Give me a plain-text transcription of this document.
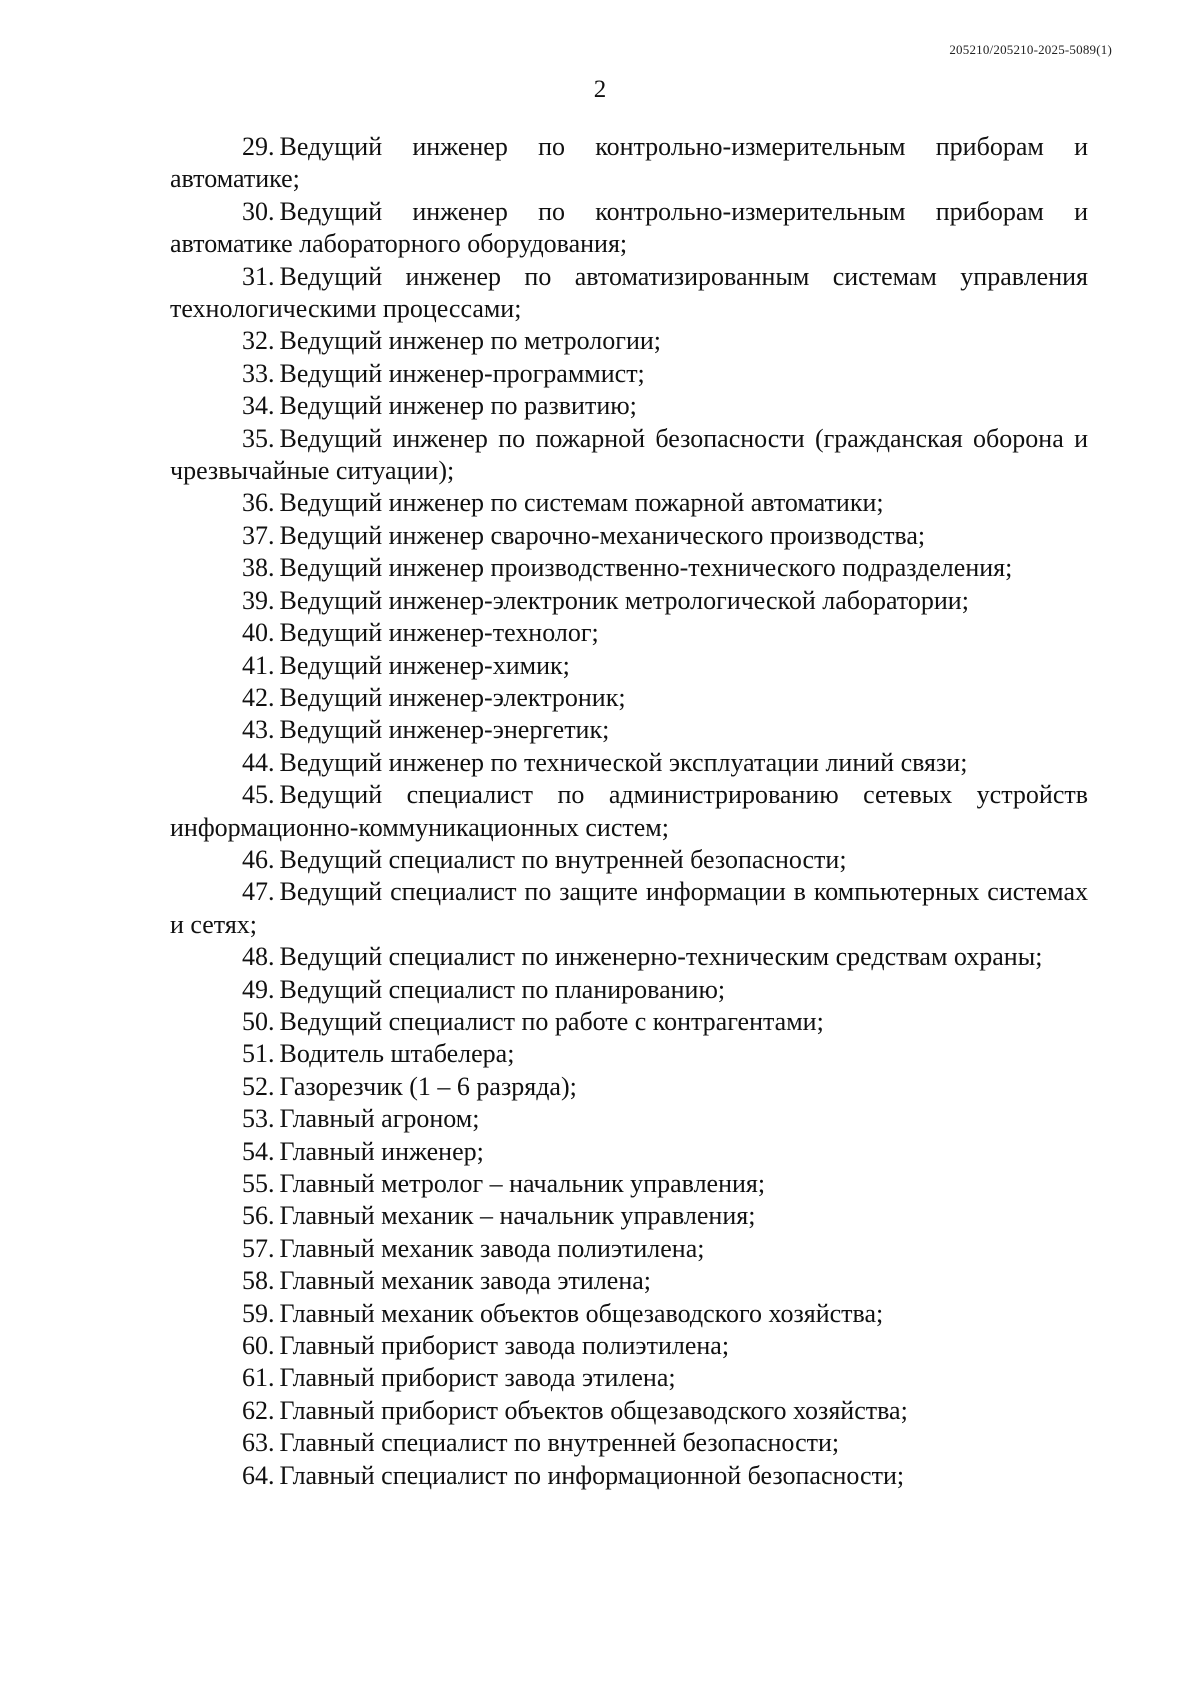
205210/205210-2025-5089(1)
2
29. Ведущий инженер по контрольно-измерительным приборам и автоматике;
30. Ведущий инженер по контрольно-измерительным приборам и автоматике лабораторного оборудования;
31. Ведущий инженер по автоматизированным системам управления технологическими процессами;
32. Ведущий инженер по метрологии;
33. Ведущий инженер-программист;
34. Ведущий инженер по развитию;
35. Ведущий инженер по пожарной безопасности (гражданская оборона и чрезвычайные ситуации);
36. Ведущий инженер по системам пожарной автоматики;
37. Ведущий инженер сварочно-механического производства;
38. Ведущий инженер производственно-технического подразделения;
39. Ведущий инженер-электроник метрологической лаборатории;
40. Ведущий инженер-технолог;
41. Ведущий инженер-химик;
42. Ведущий инженер-электроник;
43. Ведущий инженер-энергетик;
44. Ведущий инженер по технической эксплуатации линий связи;
45. Ведущий специалист по администрированию сетевых устройств информационно-коммуникационных систем;
46. Ведущий специалист по внутренней безопасности;
47. Ведущий специалист по защите информации в компьютерных системах и сетях;
48. Ведущий специалист по инженерно-техническим средствам охраны;
49. Ведущий специалист по планированию;
50. Ведущий специалист по работе с контрагентами;
51. Водитель штабелера;
52. Газорезчик (1 – 6 разряда);
53. Главный агроном;
54. Главный инженер;
55. Главный метролог – начальник управления;
56. Главный механик – начальник управления;
57. Главный механик завода полиэтилена;
58. Главный механик завода этилена;
59. Главный механик объектов общезаводского хозяйства;
60. Главный приборист завода полиэтилена;
61. Главный приборист завода этилена;
62. Главный приборист объектов общезаводского хозяйства;
63. Главный специалист по внутренней безопасности;
64. Главный специалист по информационной безопасности;
